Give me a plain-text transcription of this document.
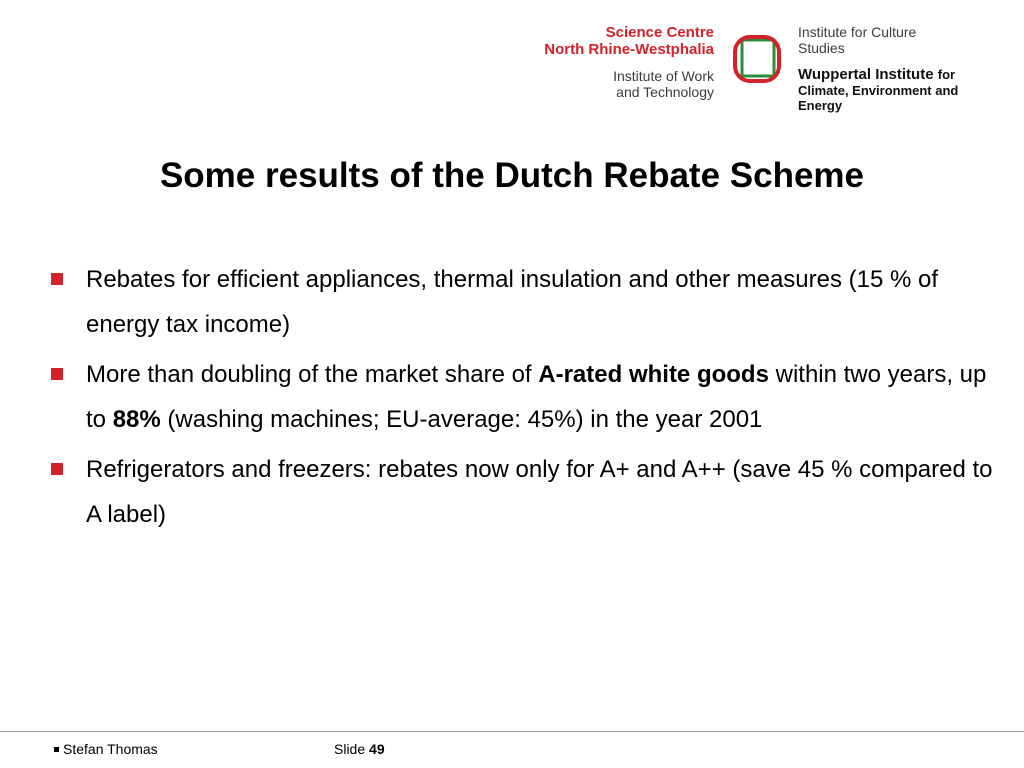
Science Centre
North Rhine-Westphalia
Institute of Work
and Technology
Institute for Culture
Studies
Wuppertal Institute for
Climate, Environment and
Energy
Some results of the Dutch Rebate Scheme
Rebates for efficient appliances, thermal insulation and other measures (15 % of energy tax income)
More than doubling of the market share of A-rated white goods within two years, up to 88% (washing machines; EU-average: 45%) in the year 2001
Refrigerators and freezers: rebates now only for A+ and A++ (save 45 % compared to A label)
Stefan Thomas	Slide 49
